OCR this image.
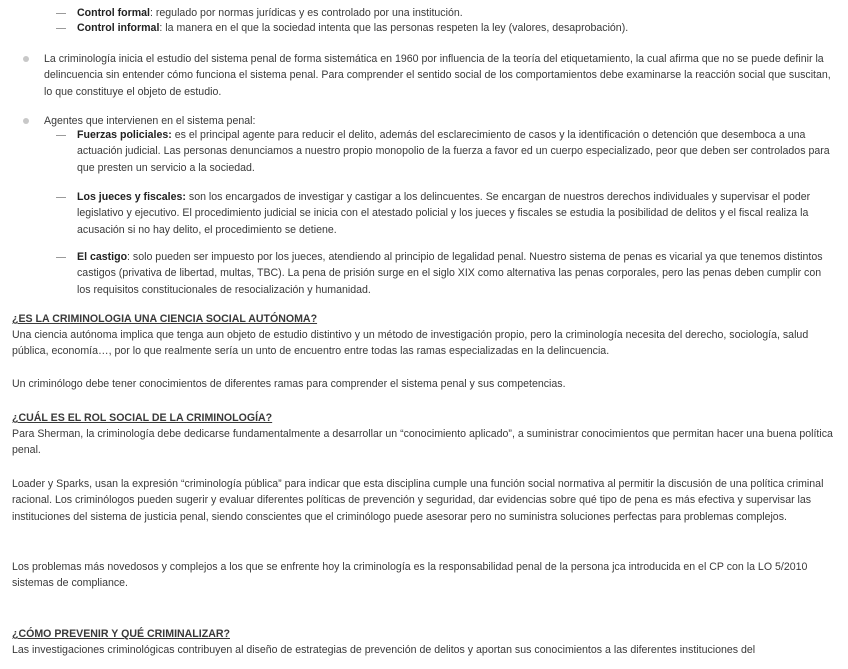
Control formal: regulado por normas jurídicas y es controlado por una institución.
Control informal: la manera en el que la sociedad intenta que las personas respeten la ley (valores, desaprobación).
La criminología inicia el estudio del sistema penal de forma sistemática en 1960 por influencia de la teoría del etiquetamiento, la cual afirma que no se puede definir la delincuencia sin entender cómo funciona el sistema penal. Para comprender el sentido social de los comportamientos debe examinarse la reacción social que suscitan, lo que constituye el objeto de estudio.
Agentes que intervienen en el sistema penal:
Fuerzas policiales: es el principal agente para reducir el delito, además del esclarecimiento de casos y la identificación o detención que desemboca a una actuación judicial. Las personas denunciamos a nuestro propio monopolio de la fuerza a favor ed un cuerpo especializado, peor que deben ser controlados para que presten un servicio a la sociedad.
Los jueces y fiscales: son los encargados de investigar y castigar a los delincuentes. Se encargan de nuestros derechos individuales y supervisar el poder legislativo y ejecutivo. El procedimiento judicial se inicia con el atestado policial y los jueces y fiscales se estudia la posibilidad de delitos y el fiscal realiza la acusación si no hay delito, el procedimiento se detiene.
El castigo: solo pueden ser impuesto por los jueces, atendiendo al principio de legalidad penal. Nuestro sistema de penas es vicarial ya que tenemos distintos castigos (privativa de libertad, multas, TBC). La pena de prisión surge en el siglo XIX como alternativa las penas corporales, pero las penas deben cumplir con los requisitos constitucionales de resocialización y humanidad.
¿ES LA CRIMINOLOGIA UNA CIENCIA SOCIAL AUTÓNOMA?
Una ciencia autónoma implica que tenga aun objeto de estudio distintivo y un método de investigación propio, pero la criminología necesita del derecho, sociología, salud pública, economía…, por lo que realmente sería un unto de encuentro entre todas las ramas especializadas en la delincuencia.
Un criminólogo debe tener conocimientos de diferentes ramas para comprender el sistema penal y sus competencias.
¿CUÁL ES EL ROL SOCIAL DE LA CRIMINOLOGÍA?
Para Sherman, la criminología debe dedicarse fundamentalmente a desarrollar un “conocimiento aplicado”, a suministrar conocimientos que permitan hacer una buena política penal.
Loader y Sparks, usan la expresión “criminología pública” para indicar que esta disciplina cumple una función social normativa al permitir la discusión de una política criminal racional. Los criminólogos pueden sugerir y evaluar diferentes políticas de prevención y seguridad, dar evidencias sobre qué tipo de pena es más efectiva y supervisar las instituciones del sistema de justicia penal, siendo conscientes que el criminólogo puede asesorar pero no suministra soluciones perfectas para problemas complejos.
Los problemas más novedosos y complejos a los que se enfrente hoy la criminología es la responsabilidad penal de la persona jca introducida en el CP con la LO 5/2010 sistemas de compliance.
¿CÓMO PREVENIR Y QUÉ CRIMINALIZAR?
Las investigaciones criminológicas contribuyen al diseño de estrategias de prevención de delitos y aportan sus conocimientos a las diferentes instituciones del
